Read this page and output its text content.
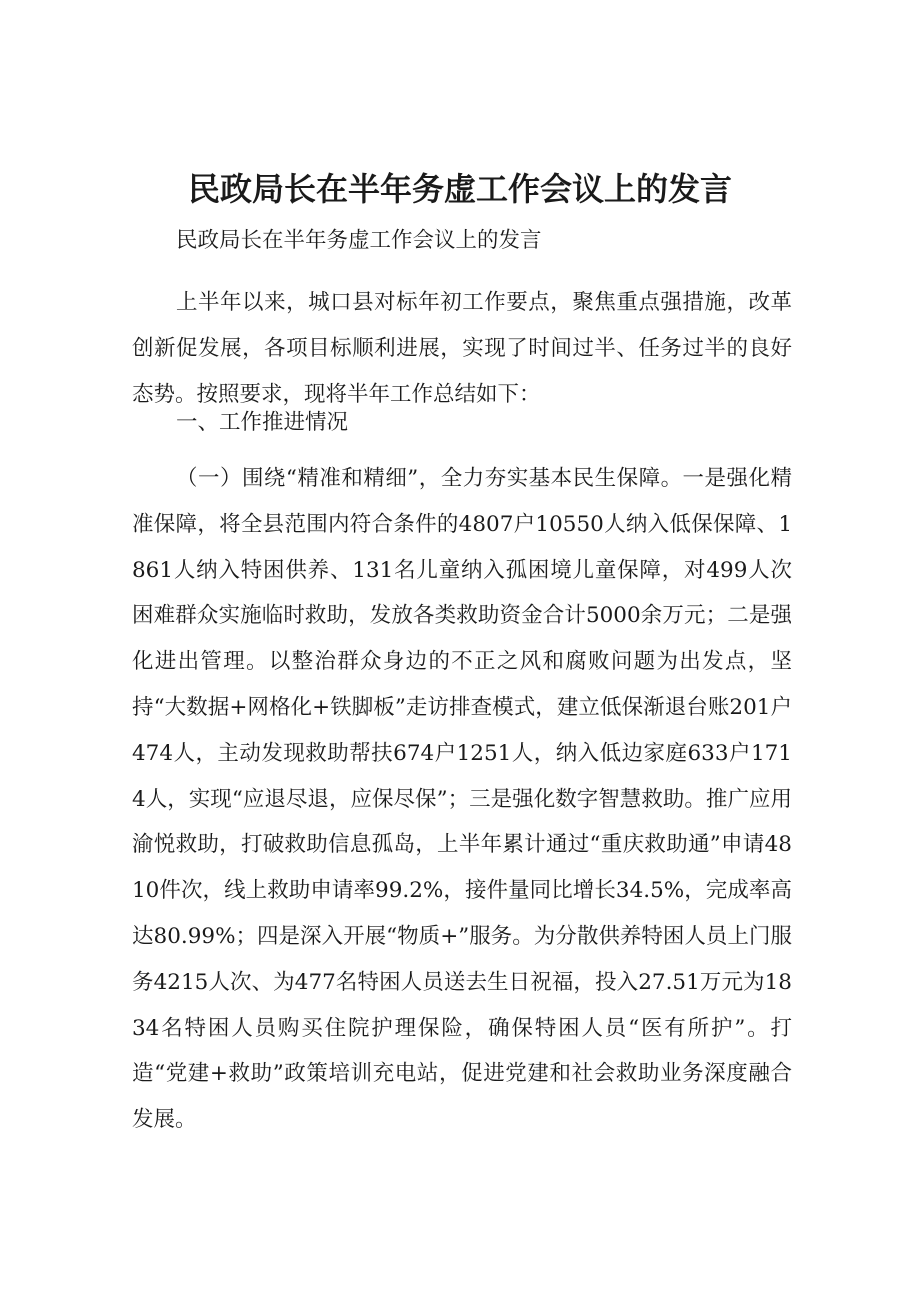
民政局长在半年务虚工作会议上的发言

民政局长在半年务虚工作会议上的发言

上半年以来，城口县对标年初工作要点，聚焦重点强措施，改革创新促发展，各项目标顺利进展，实现了时间过半、任务过半的良好态势。按照要求，现将半年工作总结如下：

一、工作推进情况

（一）围绕“精准和精细”，全力夯实基本民生保障。一是强化精准保障，将全县范围内符合条件的4807户10550人纳入低保保障、1861人纳入特困供养、131名儿童纳入孤困境儿童保障，对499人次困难群众实施临时救助，发放各类救助资金合计5000余万元；二是强化进出管理。以整治群众身边的不正之风和腐败问题为出发点，坚持“大数据+网格化+铁脚板”走访排查模式，建立低保渐退台账201户474人，主动发现救助帮扶674户1251人，纳入低边家庭633户1714人，实现“应退尽退，应保尽保”；三是强化数字智慧救助。推广应用渝悦救助，打破救助信息孤岛，上半年累计通过“重庆救助通”申请4810件次，线上救助申请率99.2%，接件量同比增长34.5%，完成率高达80.99%；四是深入开展“物质+”服务。为分散供养特困人员上门服务4215人次、为477名特困人员送去生日祝福，投入27.51万元为1834名特困人员购买住院护理保险，确保特困人员“医有所护”。打造“党建+救助”政策培训充电站，促进党建和社会救助业务深度融合发展。
